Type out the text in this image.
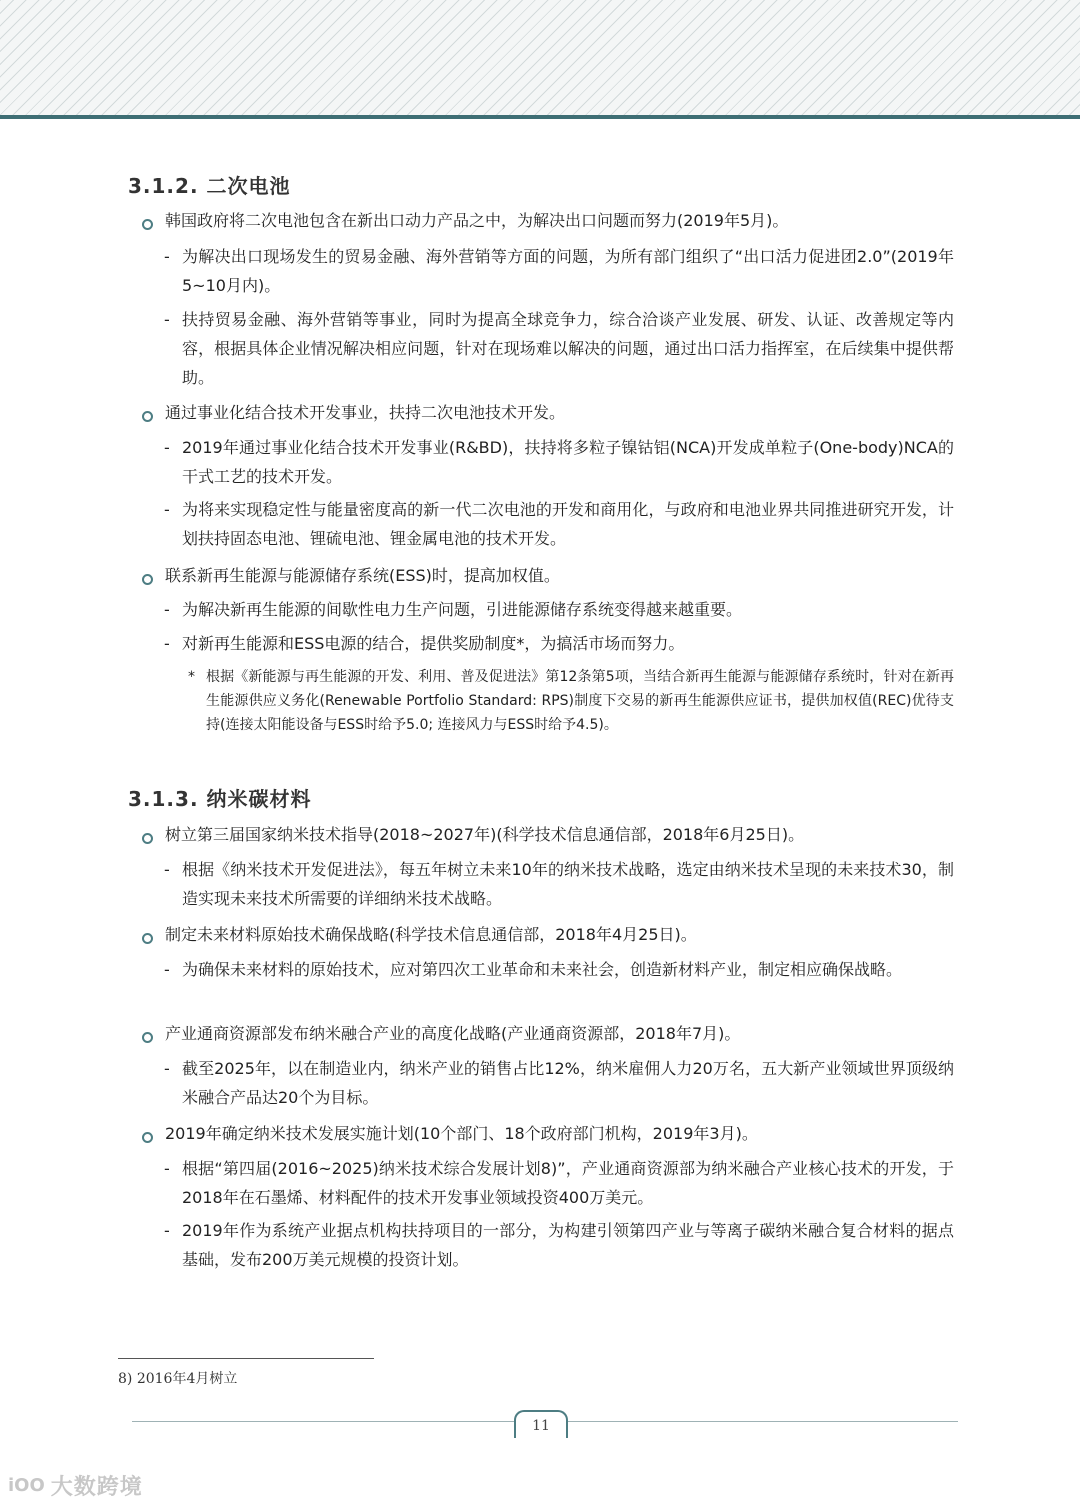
3.1.2. 二次电池
韩国政府将二次电池包含在新出口动力产品之中，为解决出口问题而努力(2019年5月)。
- 为解决出口现场发生的贸易金融、海外营销等方面的问题，为所有部门组织了“出口活力促进团2.0”(2019年5~10月内)。
- 扶持贸易金融、海外营销等事业，同时为提高全球竞争力，综合洽谈产业发展、研发、认证、改善规定等内容，根据具体企业情况解决相应问题，针对在现场难以解决的问题，通过出口活力指挥室，在后续集中提供帮助。
通过事业化结合技术开发事业，扶持二次电池技术开发。
- 2019年通过事业化结合技术开发事业(R&BD)，扶持将多粒子镍钴铝(NCA)开发成单粒子(One-body)NCA的干式工艺的技术开发。
- 为将来实现稳定性与能量密度高的新一代二次电池的开发和商用化，与政府和电池业界共同推进研究开发，计划扶持固态电池、锂硫电池、锂金属电池的技术开发。
联系新再生能源与能源储存系统(ESS)时，提高加权值。
- 为解决新再生能源的间歇性电力生产问题，引进能源储存系统变得越来越重要。
- 对新再生能源和ESS电源的结合，提供奖励制度*，为搞活市场而努力。
* 根据《新能源与再生能源的开发、利用、普及促进法》第12条第5项，当结合新再生能源与能源储存系统时，针对在新再生能源供应义务化(Renewable Portfolio Standard: RPS)制度下交易的新再生能源供应证书，提供加权值(REC)优待支持(连接太阳能设备与ESS时给予5.0; 连接风力与ESS时给予4.5)。
3.1.3. 纳米碳材料
树立第三届国家纳米技术指导(2018~2027年)(科学技术信息通信部，2018年6月25日)。
- 根据《纳米技术开发促进法》，每五年树立未来10年的纳米技术战略，选定由纳米技术呈现的未来技术30，制造实现未来技术所需要的详细纳米技术战略。
制定未来材料原始技术确保战略(科学技术信息通信部，2018年4月25日)。
- 为确保未来材料的原始技术，应对第四次工业革命和未来社会，创造新材料产业，制定相应确保战略。
产业通商资源部发布纳米融合产业的高度化战略(产业通商资源部，2018年7月)。
- 截至2025年，以在制造业内，纳米产业的销售占比12%，纳米雇佣人力20万名，五大新产业领域世界顶级纳米融合产品达20个为目标。
2019年确定纳米技术发展实施计划(10个部门、18个政府部门机构，2019年3月)。
- 根据“第四届(2016~2025)纳米技术综合发展计划8)”，产业通商资源部为纳米融合产业核心技术的开发，于2018年在石墨烯、材料配件的技术开发事业领域投资400万美元。
- 2019年作为系统产业据点机构扶持项目的一部分，为构建引领第四产业与等离子碳纳米融合复合材料的据点基础，发布200万美元规模的投资计划。
8) 2016年4月树立
11
iOO 大数跨境
